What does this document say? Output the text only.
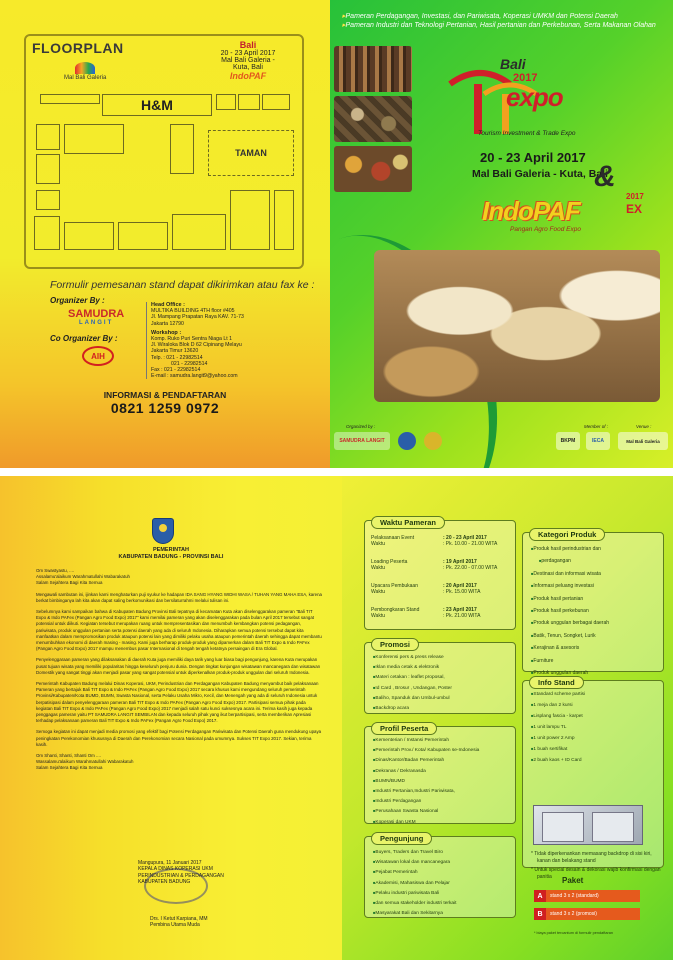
FLOORPLAN
Mal Bali Galeria
Bali
20 - 23 April 2017
Mal Bali Galeria - Kuta, Bali
IndoPAF
H&M
TAMAN
Formulir pemesanan stand dapat dikirimkan atau fax ke :
Organizer By :
SAMUDRA
LANGIT
Co Organizer By :
AIH
Head Office :
MULTIKA BUILDING 4TH floor #405
Jl. Mampang Prapatan Raya KAV. 71-73
Jakarta 12790
Workshop :
Komp. Ruko Puri Sentra Niaga Lt 1
Jl. Wiraloka Blok D 62 Cipinang Melayu
Jakarta Timur 13620
Telp. : 021 - 22982514
021 - 22982514
Fax : 021 - 22982514
E-mail : samudra.langit9@yahoo.com
INFORMASI & PENDAFTARAN
0821 1259 0972
▸ Pameran Perdagangan, Investasi, dan Pariwisata, Koperasi UMKM dan Potensi Daerah
▸ Pameran Industri dan Teknologi Pertanian, Hasil pertanian dan Perkebunan, Serta Makanan Olahan
Bali
2017
expo
Tourism Investment & Trade Expo
20 - 23 April 2017
Mal Bali Galeria - Kuta, Bali
&
IndoPAF	2017
EX
Pangan Agro Food Expo
Organized by :	Member of :	Venue :
SAMUDRA LANGIT	BKPM	IECA	Mal Bali Galeria
PEMERINTAH
KABUPATEN BADUNG - PROVINSI BALI

Om Swastyastu, ....
Assalamu'alaikum Warahmatullahi Wabarakatuh
Salam Sejahtera Bagi Kita Semua

Mengawali sambutan ini, ijinkan kami menghaturkan puji syukur ke hadapan IDA SANG HYANG WIDHI WASA / TUHAN YANG MAHA ESA, karena berkat bimbinganya lah kita akan dapat saling berkomunikasi dan bersilaturrahmi melalui tulisan ini.

Sebelumnya kami sampaikan bahwa di Kabupaten Badung Provinsi Bali tepatnya di kecamatan Kuta akan diselenggarakan pameran "Bali TIT Expo & Indo PAFex (Pangan Agro Food Expo) 2017" kami memilai pameran yang akan diselenggarakan pada bulan April 2017 tersebut sangat potensial untuk diikuti. Kegiatan tersebut merupakan ruang untuk mempresentasikan dan menumbuh kembangkan potensi pedagangan, pariwisata, produk unggulan pertanian serta potensi daerah yang ada di seluruh Indonesia. Diharapkan semua potensi tersebut dapat kita manfaatkan dalam mempromosikan produk ataupun potensi lain yang dimiliki pelaku usaha ataupun pemerintah daerah sehingga dapat membantu menumbuhkan ekonomi di daerah masing - masing. Kami juga berharap produk-produk yang dipamerkan dalam Bali TIT Expo & Indo PAFex (Pangan Agro Food Expo) 2017 mampu menembus pasar Internasional di tengah tengah ketatnya persaingan di Era Global.

Penyelenggaraan pameran yang dilaksanakan di daerah Kuta juga memiliki daya tarik yang luar biasa bagi pengunjung, karena Kuta merupakan pusat tujuan wisata yang memiliki popularitas hingga keseluruh penjuru dunia. Dengan tingkat kunjungan wisatawan mancanegara dan wisatawan Domestik yang sangat tinggi akan menjadi pasar yang sangat potensial untuk diperkenalkan produk-produk unggulan dari seluruh Indonesia.

Pemerintah Kabupaten Badung melalui Dinas Koperasi, UKM, Perindustrian dan Perdagangan Kabupaten Badung menyambut baik pelaksanaan Pameran yang bertajuk Bali TIT Expo & Indo PAFex (Pangan Agro Food Expo) 2017 secara khusus kami mengundang seluruh pemerintah Provinsi/Kabupaten/Kota BUMD, BUMN, Swasta Nasional, serta Pelaku Usaha Mikro, Kecil, dan Menengah yang ada di seluruh Indonesia untuk berpatisipasi dalam penyelenggaraan pameran Bali TIT Expo & Indo PAFex (Pangan Agro Food Expo) 2017. Partisipasi semua pihak pada kegiatan Bali TIT Expo & Indo PAFex (Pangan Agro Food Expo) 2017 menjadi salah satu kunci suksesnya acara ini. Terima kasih juga kepada penggagas pameran yaitu PT SAMUDRA LANGIT SEMBILAN dan kepada seluruh pihak yang ikut berpartisipasi, serta memberikan Apresiasi terhadap pelaksanaan pameran Bali TIT Expo & Indo PAFex (Pangan Agro Food Expo) 2017.

Semoga kegiatan ini dapat menjadi media promosi yang efektif bagi Potensi Perdagangan Pariwisata dan Potensi Daerah guna mendukung upaya peningkatan Perekonomian khususnya di Daerah dan Perekonomian secara Nasional pada umumnya. Sukses TIT Expo 2017. Sekian, terima kasih.

Om Shanti, Shanti, Shanti Om ....
Wassalamu'alaikum Warahmatullahi Wabarakatuh
Salam Sejahtera Bagi Kita Semua

Mangupura, 11 Januari 2017
KEPALA DINAS KOPERASI UKM
PERINDUSTRIAN & PERDAGANGAN
KABUPATEN BADUNG
Drs. I Ketut Karpiana, MM
Pembina Utama Muda
Waktu Pameran
Pelaksanaan Event	: 20 - 23 April 2017
Waktu	: Pk. 10.00 - 21.00 WITA
Loading Peserta	: 19 April 2017
Waktu	: Pk. 22.00 - 07.00 WITA
Upacara Pembukaan	: 20 April 2017
Waktu	: Pk. 15.00 WITA
Pembongkaran Stand	: 23 April 2017
Waktu	: Pk. 21.00 WITA
Promosi
■ Konferensi pers & press release
■ Iklan media cetak & elektronik
■ Materi cetakan : leaflet proposal,
■ Id Card , Brosur , Undangan, Poster
■ Baliho, Spanduk dan Umbul-umbul
■ Backdrop acara
Profil Peserta
■ Kementerian / Instansi Pemerintah
■ Pemerintah Prov./ Kota/ Kabupaten se-Indonesia
■ Dinas/Kantor/Badan Pemerintah
■ Dekranas / Dekranasda
■ BUMN/BUMD
■ Industri Pertanian,Industri Pariwisata,
■ Industri Perdagangan
■ Perusahaan Swasta Nasional
■ Koperasi dan UKM
Pengunjung
■ Buyers, Traders dan Travel Biro
■ Wisatawan lokal dan mancanegara
■ Pejabat Pemerintah
■ Akademisi, Mahasiswa dan Pelajar
■ Pelaku industri pariwisata Bali
■ dan semua stakeholder industri terkait
■ Masyarakat Bali dan Sekitarnya
Kategori Produk
■ Produk hasil perindustrian dan
■ perdagangan
■ Destinasi dan informasi wisata
■ Informasi peluang investasi
■ Produk hasil pertanian
■ Produk hasil perkebunan
■ Produk unggulan berbagai daerah
■ Batik, Tenun, Songket, Lurik
■ Kerajinan & asesoris
■ Furniture
■ Produk unggulan daerah
Info Stand
■ Standard scheme partisi
■ 1 meja dan 2 kursi
■ Lisplang fascia - karpet
■ 1 unit lampu TL
■ 1 unit power 2 Amp
■ 1 buah sertifikat
■ 2 buah kaos + ID Card
* Tidak diperkenankan memasang backdrop di sisi kiri, kanan dan belakang stand
* Untuk special desain & dekorasi wajib konfirmasi dengan panitia	Paket
A	stand 3 x 2 (standard)
B	stand 3 x 2 (promosi)
* biaya paket tercantum di formulir pendaftaran
